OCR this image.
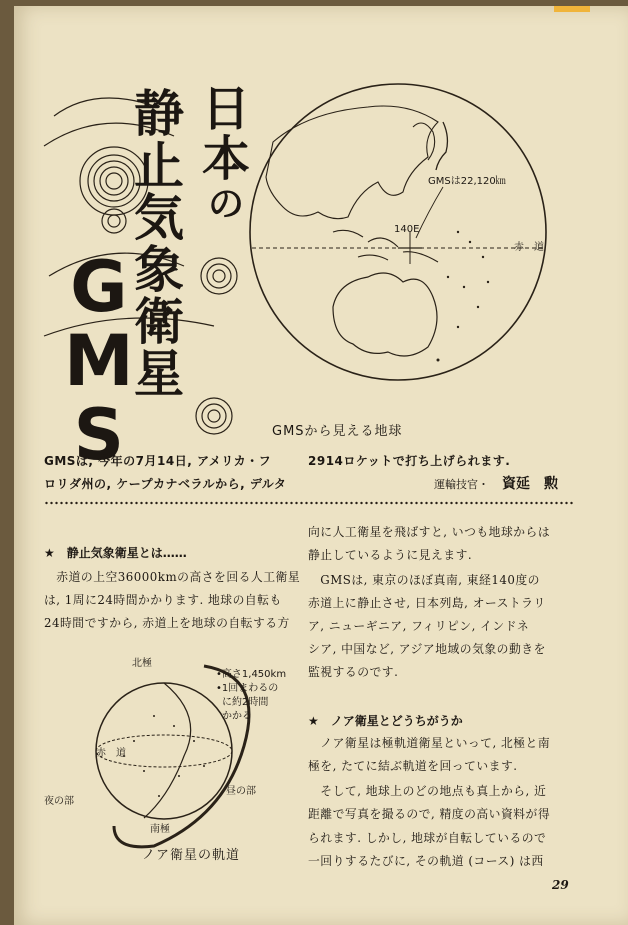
日
本
の
静
止
気
象
衛
星
G
M
S
GMSは22,120㎞
140E
赤　道
GMSから見える地球
GMSは, 今年の7月14日, アメリカ・フ
ロリダ州の, ケープカナベラルから, デルタ
2914ロケットで打ち上げられます.
運輸技官・ 資延　勲
★　静止気象衛星とは……
　赤道の上空36000kmの高さを回る人工衛星
は, 1周に24時間かかります. 地球の自転も
24時間ですから, 赤道上を地球の自転する方
向に人工衛星を飛ばすと, いつも地球からは
静止しているように見えます.
　GMSは, 東京のほぼ真南, 東経140度の
赤道上に静止させ, 日本列島, オーストラリ
ア, ニューギニア, フィリピン, インドネ
シア, 中国など, アジア地域の気象の動きを
監視するのです.
★　ノア衛星とどうちがうか
　ノア衛星は極軌道衛星といって, 北極と南
極を, たてに結ぶ軌道を回っています.
　そして, 地球上のどの地点も真上から, 近
距離で写真を撮るので, 精度の高い資料が得
られます. しかし, 地球が自転しているので
一回りするたびに, その軌道 (コース) は西
北極
赤　道
夜の部
昼の部
南極
•高さ1,450km
•1回まわるの
に約2時間
かかる
ノア衛星の軌道
29
